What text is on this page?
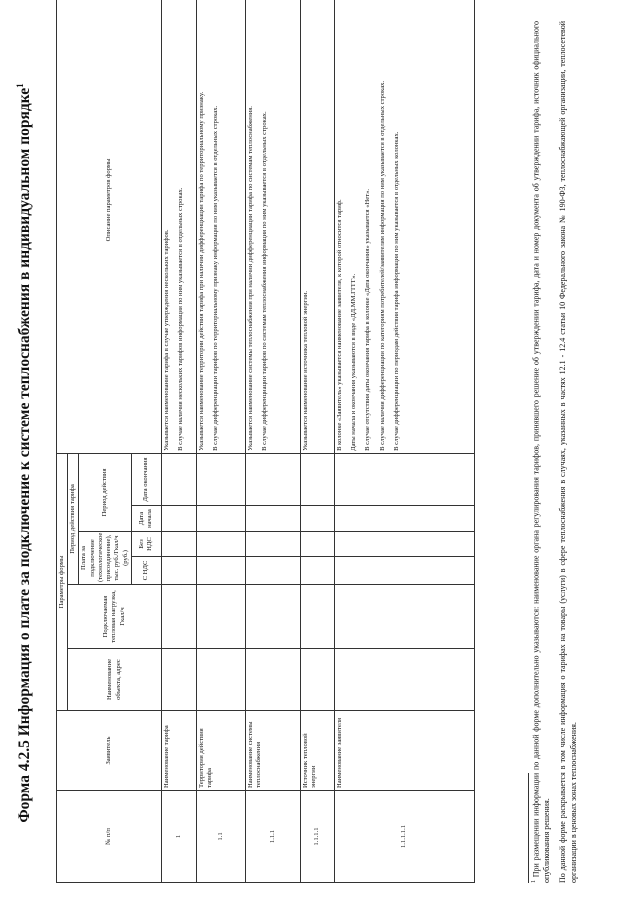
Форма 4.2.5 Информация о плате за подключение к системе теплоснабжения в индивидуальном порядке$^1$
№ п/п	Заявитель	Параметры формы						Описание параметров формы
		Наименование объекта, адрес	Подключаемая тепловая нагрузка, Гкал/ч	Период действия тарифа				
				Плата за подключение (технологическое присоединение), тыс. руб./Гкал/ч (руб.)		Период действия		
				С НДС	Без НДС	Дата начала	Дата окончания	
1	Наименование тарифа							Указывается наименование тарифа в случае утверждения нескольких тарифов. В случае наличия нескольких тарифов информация по ним указывается в отдельных строках.

1.1	Территория действия тарифа							Указывается наименование территории действия тарифа при наличии дифференциации тарифа по территориальному признаку. В случае дифференциации тарифов по территориальному признаку информация по ним указывается в отдельных строках.

1.1.1	Наименование системы теплоснабжения							Указывается наименование системы теплоснабжения при наличии дифференциации тарифа по системам теплоснабжения. В случае дифференциации тарифов по системам теплоснабжения информация по ним указывается в отдельных строках.

1.1.1.1	Источник тепловой энергии							Указывается наименование источника тепловой энергии.

1.1.1.1.1	Наименование заявителя							В колонке «Заявитель» указывается наименование заявителя, к которой относится тариф. Даты начала и окончания указываются в виде «ДД.ММ.ГГГГ». В случае отсутствия даты окончания тарифа в колонке «Дата окончания» указывается «Нет». В случае наличия дифференциации по категориям потребителей/заявителям информация по ним указывается в отдельных строках. В случае дифференциации по периодам действия тарифа информация по ним указывается в отдельных колонках.

$^1$ При размещении информации по данной форме дополнительно указываются: наименование органа регулирования тарифов, принявшего решение об утверждении тарифа, дата и номер документа об утверждении тарифа, источник официального опубликования решения. По данной форме раскрывается в том числе информация о тарифах на товары (услуги) в сфере теплоснабжения в случаях, указанных в частях 12.1 - 12.4 статьи 10 Федерального закона № 190-ФЗ, теплоснабжающей организации, теплосетевой организации в ценовых зонах теплоснабжения.
